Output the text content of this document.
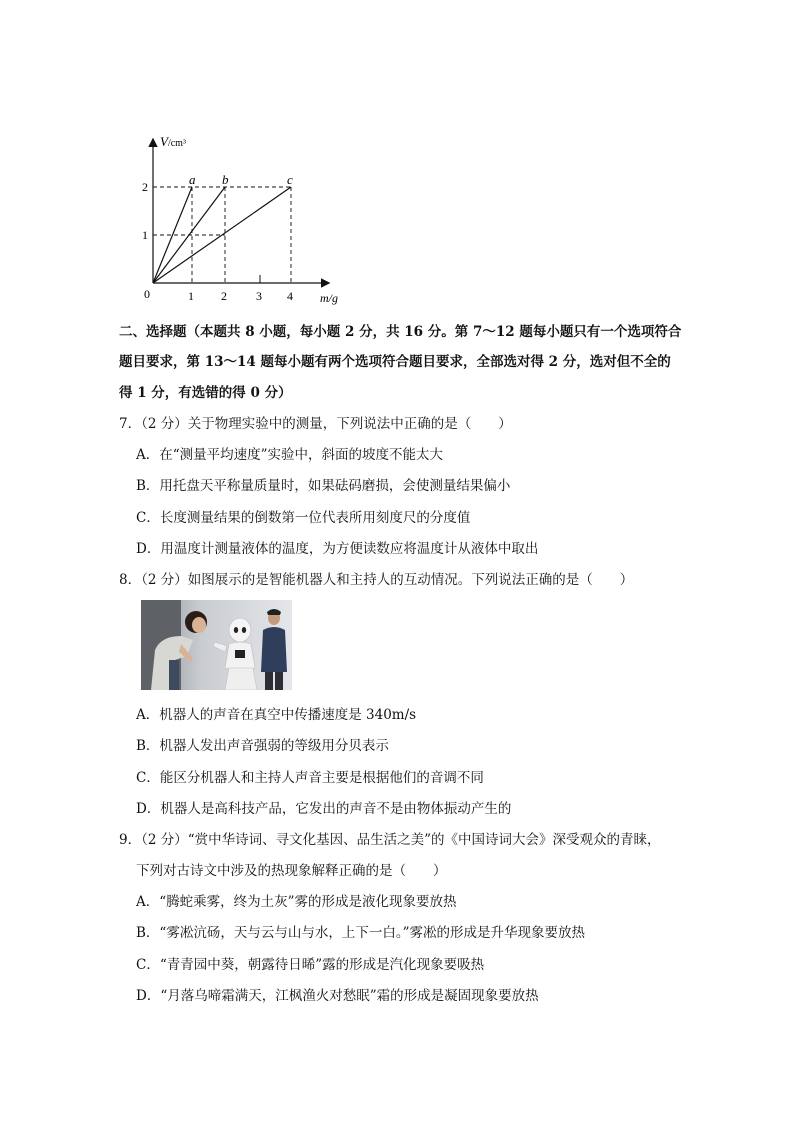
V/cm³
0	1 2 3 4
1
2
m/g
a b	c
二、选择题（本题共 8 小题，每小题 2 分，共 16 分。第 7～12 题每小题只有一个选项符合
题目要求，第 13～14 题每小题有两个选项符合题目要求，全部选对得 2 分，选对但不全的
得 1 分，有选错的得 0 分）
7．（2 分）关于物理实验中的测量，下列说法中正确的是（　　）
A．在“测量平均速度”实验中，斜面的坡度不能太大
B．用托盘天平称量质量时，如果砝码磨损，会使测量结果偏小
C．长度测量结果的倒数第一位代表所用刻度尺的分度值
D．用温度计测量液体的温度，为方便读数应将温度计从液体中取出
8．（2 分）如图展示的是智能机器人和主持人的互动情况。下列说法正确的是（　　）
A．机器人的声音在真空中传播速度是 340m/s
B．机器人发出声音强弱的等级用分贝表示
C．能区分机器人和主持人声音主要是根据他们的音调不同
D．机器人是高科技产品，它发出的声音不是由物体振动产生的
9．（2 分）“赏中华诗词、寻文化基因、品生活之美”的《中国诗词大会》深受观众的青睐，
下列对古诗文中涉及的热现象解释正确的是（　　）
A．“腾蛇乘雾，终为土灰”雾的形成是液化现象要放热
B．“雾凇沆砀，天与云与山与水，上下一白。”雾凇的形成是升华现象要放热
C．“青青园中葵，朝露待日晞”露的形成是汽化现象要吸热
D．“月落乌啼霜满天，江枫渔火对愁眠”霜的形成是凝固现象要放热
